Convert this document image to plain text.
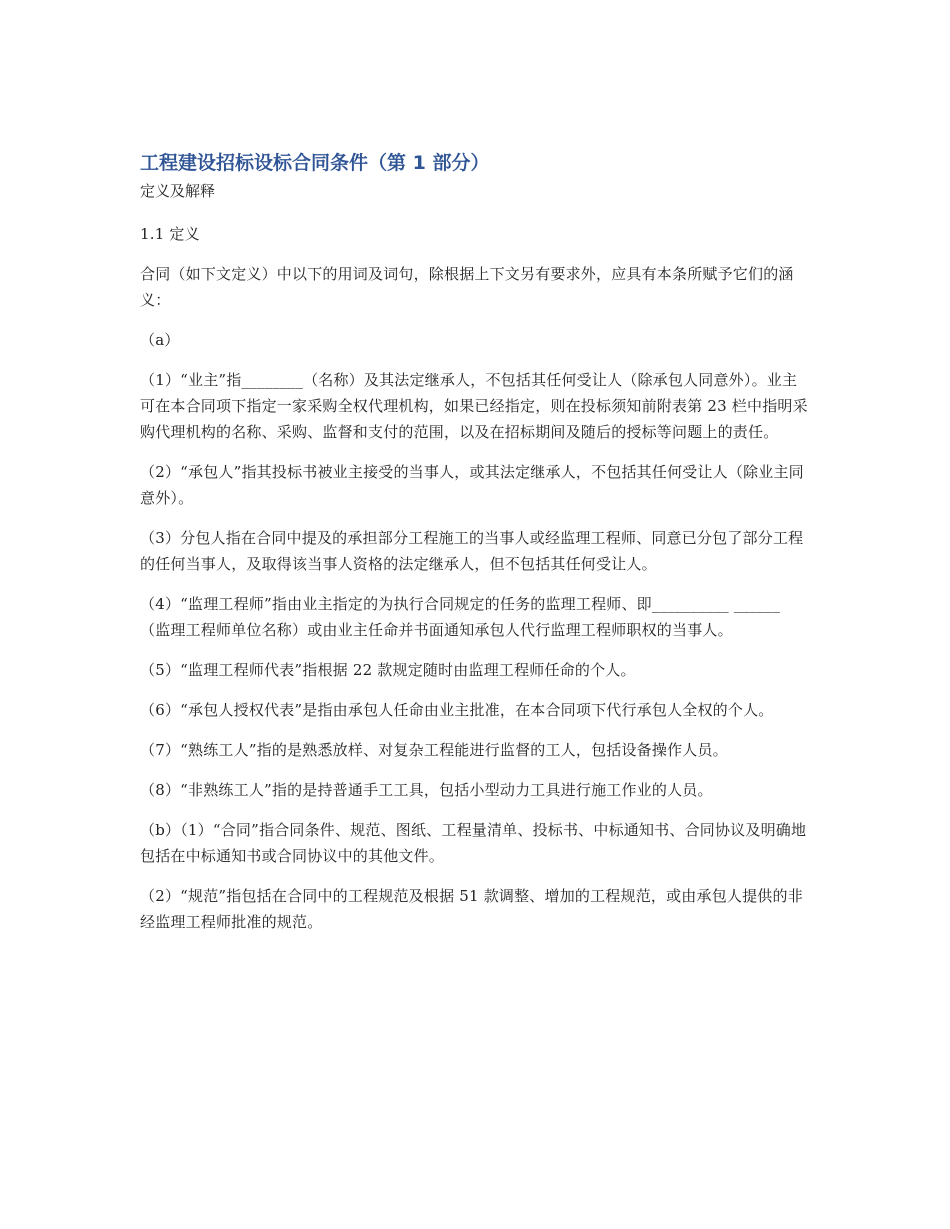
工程建设招标设标合同条件（第 1 部分）

定义及解释

1.1 定义

合同（如下文定义）中以下的用词及词句，除根据上下文另有要求外，应具有本条所赋予它们的涵义：

（a）

（1）“业主”指________（名称）及其法定继承人，不包括其任何受让人（除承包人同意外）。业主可在本合同项下指定一家采购全权代理机构，如果已经指定，则在投标须知前附表第 23 栏中指明采购代理机构的名称、采购、监督和支付的范围，以及在招标期间及随后的授标等问题上的责任。

（2）“承包人”指其投标书被业主接受的当事人，或其法定继承人，不包括其任何受让人（除业主同意外）。

（3）分包人指在合同中提及的承担部分工程施工的当事人或经监理工程师、同意已分包了部分工程的任何当事人，及取得该当事人资格的法定继承人，但不包括其任何受让人。

（4）“监理工程师”指由业主指定的为执行合同规定的任务的监理工程师、即__________ ______（监理工程师单位名称）或由业主任命并书面通知承包人代行监理工程师职权的当事人。

（5）“监理工程师代表”指根据 22 款规定随时由监理工程师任命的个人。

（6）“承包人授权代表”是指由承包人任命由业主批准，在本合同项下代行承包人全权的个人。

（7）“熟练工人”指的是熟悉放样、对复杂工程能进行监督的工人，包括设备操作人员。

（8）“非熟练工人”指的是持普通手工工具，包括小型动力工具进行施工作业的人员。

（b）（1）“合同”指合同条件、规范、图纸、工程量清单、投标书、中标通知书、合同协议及明确地包括在中标通知书或合同协议中的其他文件。

（2）“规范”指包括在合同中的工程规范及根据 51 款调整、增加的工程规范，或由承包人提供的非经监理工程师批准的规范。
